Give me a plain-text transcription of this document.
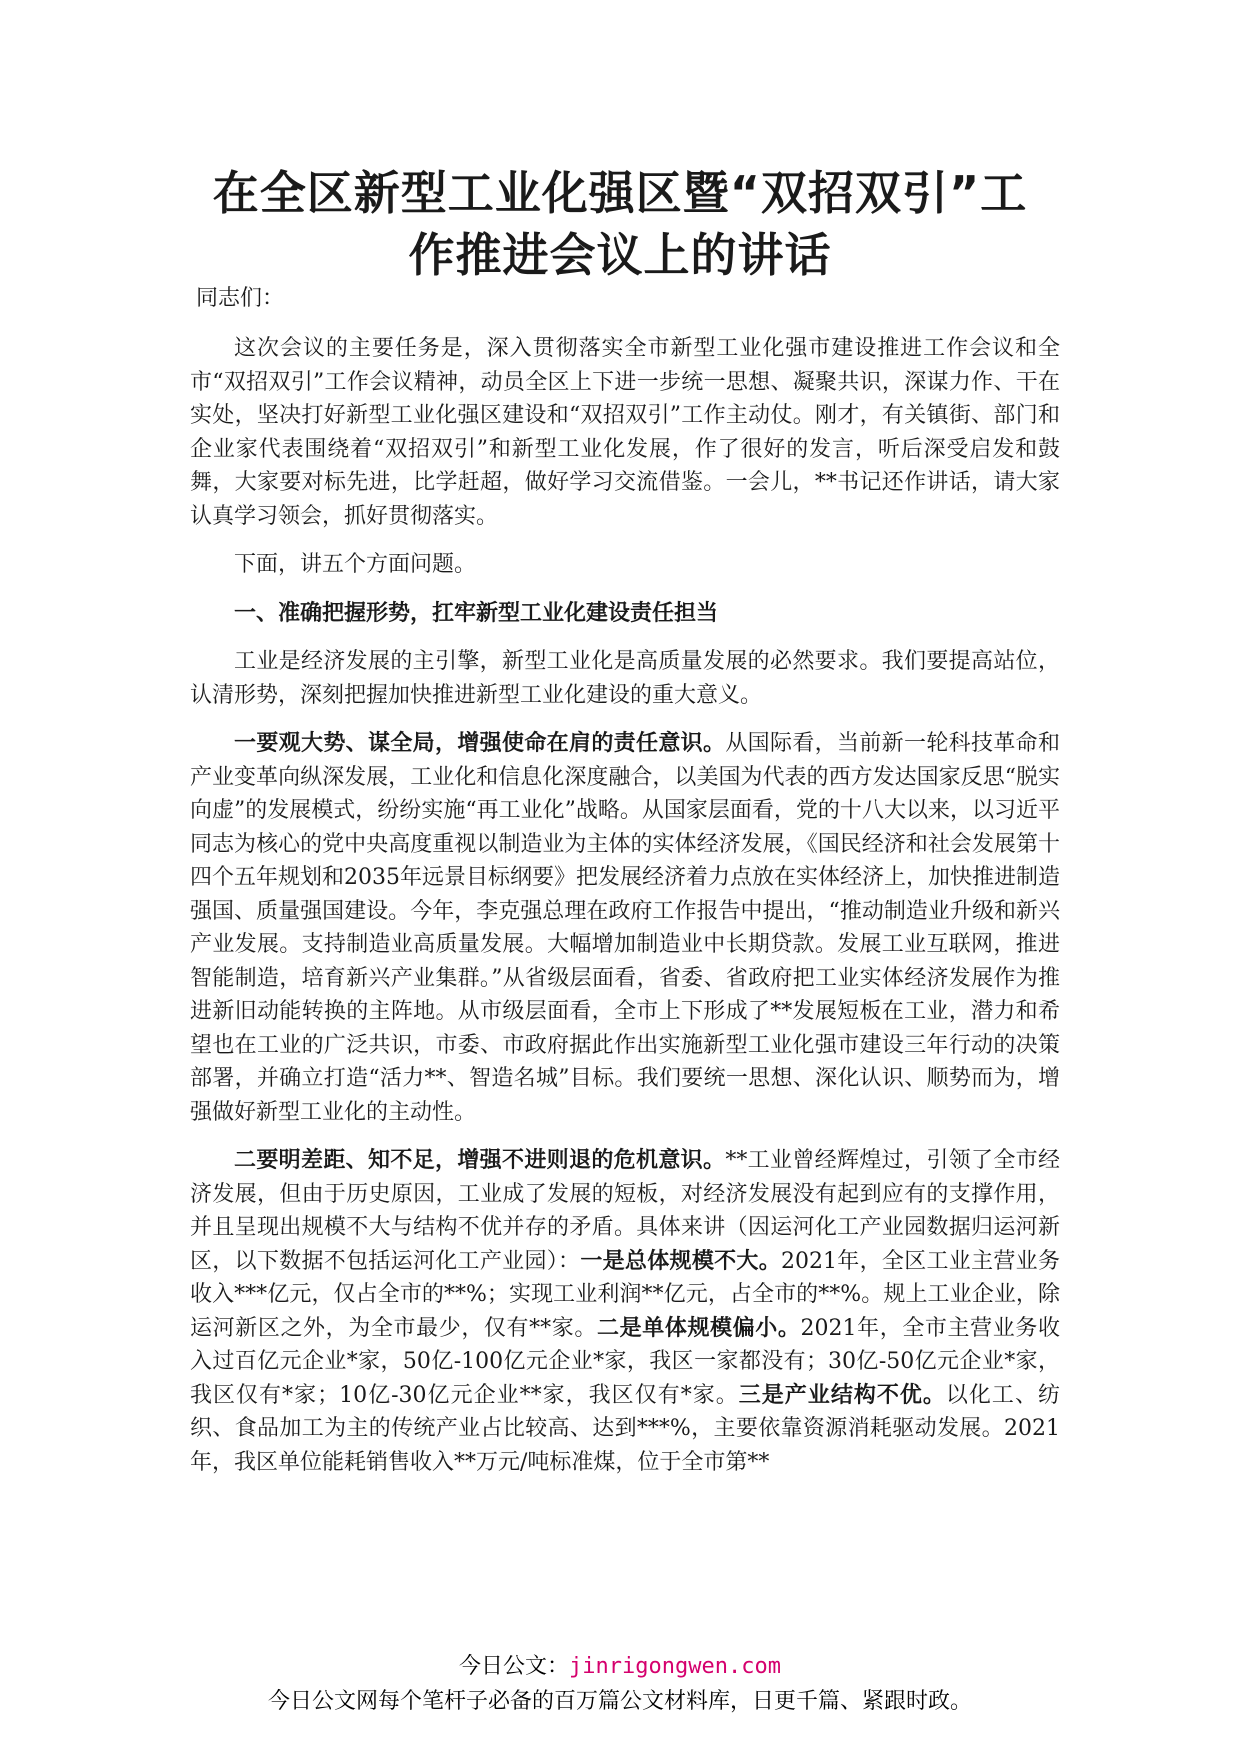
在全区新型工业化强区暨“双招双引”工作推进会议上的讲话
同志们：

这次会议的主要任务是，深入贯彻落实全市新型工业化强市建设推进工作会议和全市“双招双引”工作会议精神，动员全区上下进一步统一思想、凝聚共识，深谋力作、干在实处，坚决打好新型工业化强区建设和“双招双引”工作主动仗。刚才，有关镇街、部门和企业家代表围绕着“双招双引”和新型工业化发展，作了很好的发言，听后深受启发和鼓舞，大家要对标先进，比学赶超，做好学习交流借鉴。一会儿，**书记还作讲话，请大家认真学习领会，抓好贯彻落实。

下面，讲五个方面问题。

一、准确把握形势，扛牢新型工业化建设责任担当

工业是经济发展的主引擎，新型工业化是高质量发展的必然要求。我们要提高站位，认清形势，深刻把握加快推进新型工业化建设的重大意义。

一要观大势、谋全局，增强使命在肩的责任意识。从国际看，当前新一轮科技革命和产业变革向纵深发展，工业化和信息化深度融合，以美国为代表的西方发达国家反思“脱实向虚”的发展模式，纷纷实施“再工业化”战略。从国家层面看，党的十八大以来，以习近平同志为核心的党中央高度重视以制造业为主体的实体经济发展，《国民经济和社会发展第十四个五年规划和2035年远景目标纲要》把发展经济着力点放在实体经济上，加快推进制造强国、质量强国建设。今年，李克强总理在政府工作报告中提出，“推动制造业升级和新兴产业发展。支持制造业高质量发展。大幅增加制造业中长期贷款。发展工业互联网，推进智能制造，培育新兴产业集群。”从省级层面看，省委、省政府把工业实体经济发展作为推进新旧动能转换的主阵地。从市级层面看，全市上下形成了**发展短板在工业，潜力和希望也在工业的广泛共识，市委、市政府据此作出实施新型工业化强市建设三年行动的决策部署，并确立打造“活力**、智造名城”目标。我们要统一思想、深化认识、顺势而为，增强做好新型工业化的主动性。

二要明差距、知不足，增强不进则退的危机意识。**工业曾经辉煌过，引领了全市经济发展，但由于历史原因，工业成了发展的短板，对经济发展没有起到应有的支撑作用，并且呈现出规模不大与结构不优并存的矛盾。具体来讲（因运河化工产业园数据归运河新区，以下数据不包括运河化工产业园）：一是总体规模不大。2021年，全区工业主营业务收入***亿元，仅占全市的**%；实现工业利润**亿元，占全市的**%。规上工业企业，除运河新区之外，为全市最少，仅有**家。二是单体规模偏小。2021年，全市主营业务收入过百亿元企业*家，50亿-100亿元企业*家，我区一家都没有；30亿-50亿元企业*家，我区仅有*家；10亿-30亿元企业**家，我区仅有*家。三是产业结构不优。以化工、纺织、食品加工为主的传统产业占比较高、达到***%，主要依靠资源消耗驱动发展。2021年，我区单位能耗销售收入**万元/吨标准煤，位于全市第**

今日公文：jinrigongwen.com
今日公文网每个笔杆子必备的百万篇公文材料库，日更千篇、紧跟时政。
